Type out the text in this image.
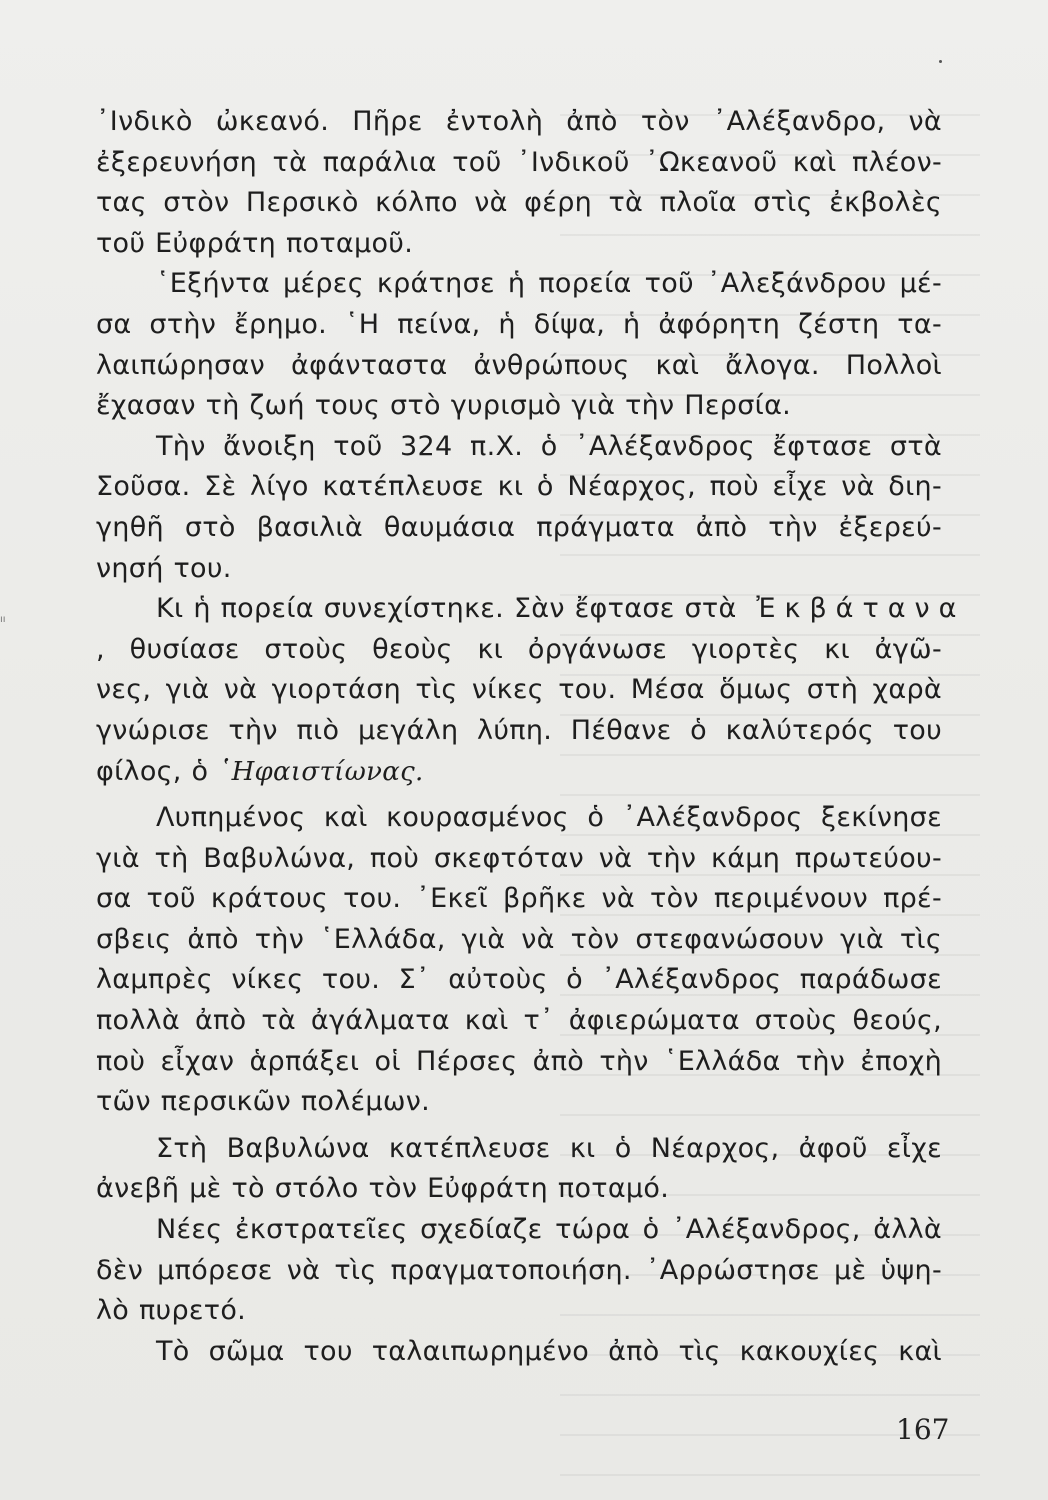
ıı
᾽Ινδικὸ ὠκεανό. Πῆρε ἐντολὴ ἀπὸ τὸν ᾽Αλέξανδρο, νὰ
ἐξερευνήση τὰ παράλια τοῦ ᾽Ινδικοῦ ᾽Ωκεανοῦ καὶ πλέον-
τας στὸν Περσικὸ κόλπο νὰ φέρη τὰ πλοῖα στὶς ἐκβολὲς
τοῦ Εὐφράτη ποταμοῦ.
῾Εξήντα μέρες κράτησε ἡ πορεία τοῦ ᾽Αλεξάνδρου μέ-
σα στὴν ἔρημο. ῾Η πείνα, ἡ δίψα, ἡ ἀφόρητη ζέστη τα-
λαιπώρησαν ἀφάνταστα ἀνθρώπους καὶ ἄλογα. Πολλοὶ
ἔχασαν τὴ ζωή τους στὸ γυρισμὸ γιὰ τὴν Περσία.
Τὴν ἄνοιξη τοῦ 324 π.Χ. ὁ ᾽Αλέξανδρος ἔφτασε στὰ
Σοῦσα. Σὲ λίγο κατέπλευσε κι ὁ Νέαρχος, ποὺ εἶχε νὰ διη-
γηθῆ στὸ βασιλιὰ θαυμάσια πράγματα ἀπὸ τὴν ἐξερεύ-
νησή του.
Κι ἡ πορεία συνεχίστηκε. Σὰν ἔφτασε στὰ Ἐκβάτανα
, θυσίασε στοὺς θεοὺς κι ὀργάνωσε γιορτὲς κι ἀγῶ-
νες, γιὰ νὰ γιορτάση τὶς νίκες του. Μέσα ὅμως στὴ χαρὰ
γνώρισε τὴν πιὸ μεγάλη λύπη. Πέθανε ὁ καλύτερός του
φίλος, ὁ ῾Ηφαιστίωνας.
Λυπημένος καὶ κουρασμένος ὁ ᾽Αλέξανδρος ξεκίνησε
γιὰ τὴ Βαβυλώνα, ποὺ σκεφτόταν νὰ τὴν κάμη πρωτεύου-
σα τοῦ κράτους του. ᾽Εκεῖ βρῆκε νὰ τὸν περιμένουν πρέ-
σβεις ἀπὸ τὴν ῾Ελλάδα, γιὰ νὰ τὸν στεφανώσουν γιὰ τὶς
λαμπρὲς νίκες του. Σ᾽ αὐτοὺς ὁ ᾽Αλέξανδρος παράδωσε
πολλὰ ἀπὸ τὰ ἀγάλματα καὶ τ᾽ ἀφιερώματα στοὺς θεούς,
ποὺ εἶχαν ἁρπάξει οἱ Πέρσες ἀπὸ τὴν ῾Ελλάδα τὴν ἐποχὴ
τῶν περσικῶν πολέμων.
Στὴ Βαβυλώνα κατέπλευσε κι ὁ Νέαρχος, ἀφοῦ εἶχε
ἀνεβῆ μὲ τὸ στόλο τὸν Εὐφράτη ποταμό.
Νέες ἐκστρατεῖες σχεδίαζε τώρα ὁ ᾽Αλέξανδρος, ἀλλὰ
δὲν μπόρεσε νὰ τὶς πραγματοποιήση. ᾽Αρρώστησε μὲ ὑψη-
λὸ πυρετό.
Τὸ σῶμα του ταλαιπωρημένο ἀπὸ τὶς κακουχίες καὶ
167
